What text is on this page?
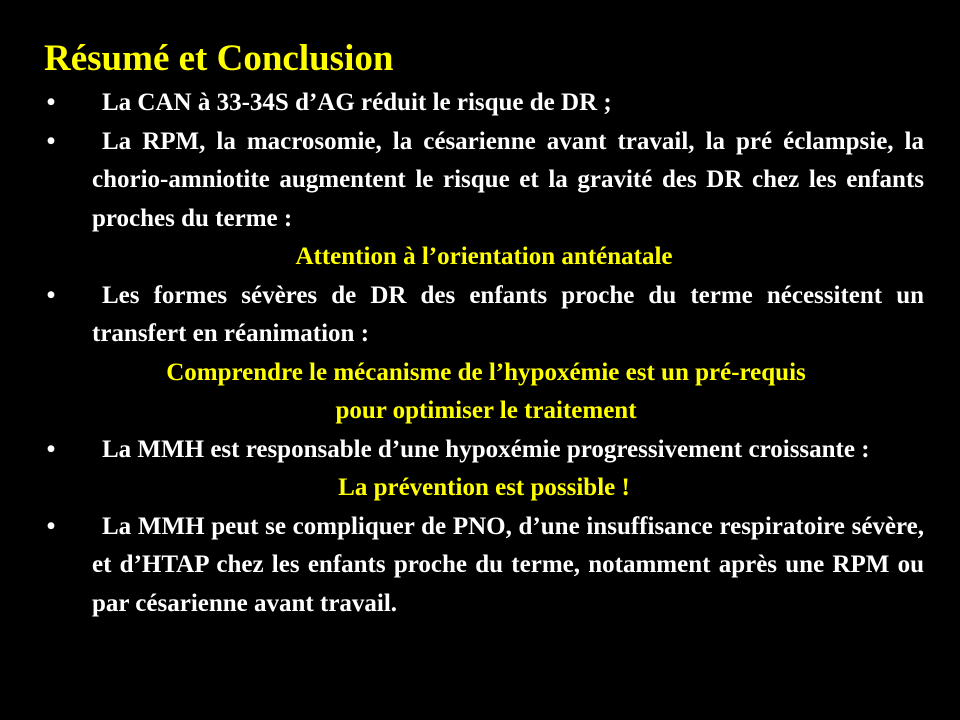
Résumé et Conclusion
•	La CAN à 33-34S d’AG réduit le risque de DR ;
•	La RPM, la macrosomie, la césarienne avant travail, la pré éclampsie, la chorio-amniotite augmentent le risque et la gravité des DR chez les enfants proches du terme :
Attention à l’orientation anténatale
•	Les formes sévères de DR des enfants proche du terme nécessitent un transfert en réanimation :
Comprendre le mécanisme de l’hypoxémie est un pré-requis
pour optimiser le traitement
•	La MMH est responsable d’une hypoxémie progressivement croissante :
La prévention est possible !
•	La MMH peut se compliquer de PNO, d’une insuffisance respiratoire sévère, et d’HTAP chez les enfants proche du terme, notamment après une RPM ou par césarienne avant travail.
